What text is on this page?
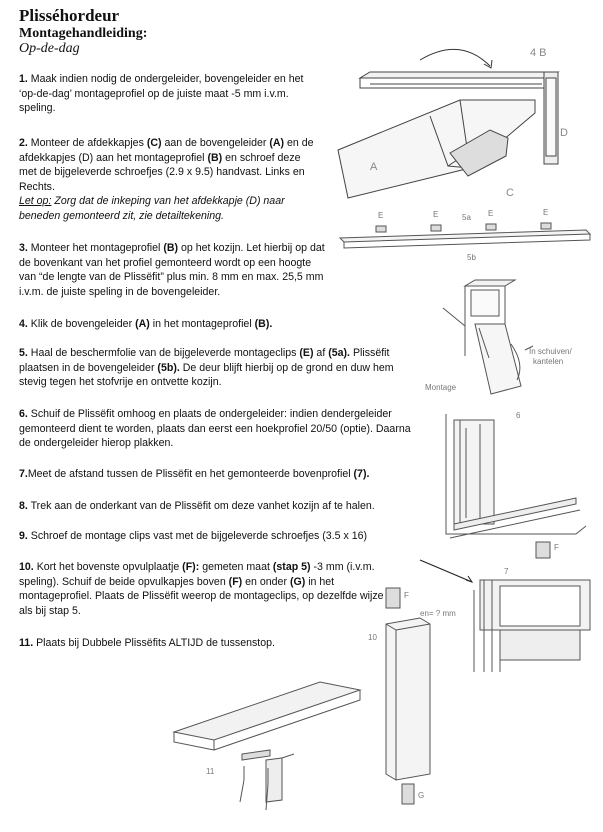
Plisséhordeur
Montagehandleiding:
Op-de-dag
1. Maak indien nodig de ondergeleider, bovengeleider en het ‘op-de-dag’ montageprofiel op de juiste maat -5 mm i.v.m. speling.
2. Monteer de afdekkapjes (C) aan de bovengeleider (A) en de afdekkapjes (D) aan het montageprofiel (B) en schroef deze met de bijgeleverde schroefjes (2.9 x 9.5) handvast. Links en Rechts.
Let op: Zorg dat de inkeping van het afdekkapje (D) naar beneden gemonteerd zit, zie detailtekening.
3. Monteer het montageprofiel (B) op het kozijn. Let hierbij op dat de bovenkant van het profiel gemonteerd wordt op een hoogte van “de lengte van de Plissëfit” plus min. 8 mm en max. 25,5 mm i.v.m. de juiste speling in de bovengeleider.
4. Klik de bovengeleider (A) in het montageprofiel (B).
5. Haal de beschermfolie van de bijgeleverde montageclips (E) af (5a). Plissëfit plaatsen in de bovengeleider (5b). De deur blijft hierbij op de grond en duw hem stevig tegen het stofvrije en ontvette kozijn.
6. Schuif de Plissëfit omhoog en plaats de ondergeleider: indien dendergeleider gemonteerd dient te worden, plaats dan eerst een hoekprofiel 20/50 (optie). Daarna de ondergeleider hierop plakken.
7.Meet de afstand tussen de Plissëfit en het gemonteerde bovenprofiel (7).
8. Trek aan de onderkant van de Plissëfit om deze vanhet kozijn af te halen.
9. Schroef de montage clips vast met de bijgeleverde schroefjes (3.5 x 16)
10. Kort het bovenste opvulplaatje (F): gemeten maat (stap 5) -3 mm (i.v.m. speling). Schuif de beide opvulkapjes boven (F) en onder (G) in het montageprofiel. Plaats de Plissëfit weerop de montageclips, op dezelfde wijze als bij stap 5.
11. Plaats bij Dubbele Plissëfits ALTIJD de tussenstop.
4 B
A
C
D
E	E	E	E
5a
5b
In schuiven/
kantelen
Montage
6
F
7
en= ? mm
F
10
G
11
